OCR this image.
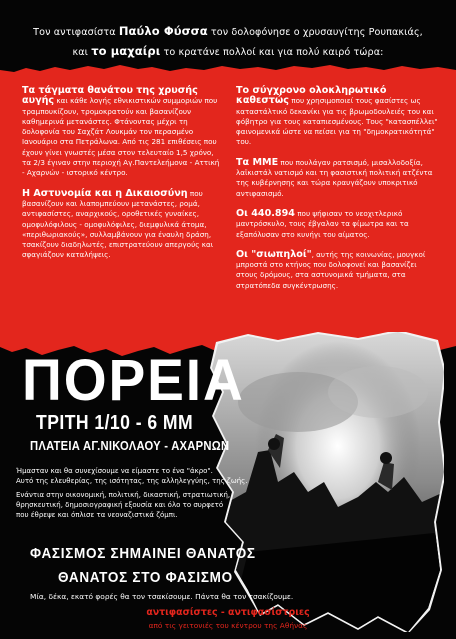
Τον αντιφασίστα Παύλο Φύσσα τον δολοφόνησε ο χρυσαυγίτης Ρουπακιάς,
και το μαχαίρι το κρατάνε πολλοί και για πολύ καιρό τώρα:

Τα τάγματα θανάτου της χρυσής αυγής και κάθε λογής εθνικιστικών συμμοριών που τραμπουκίζουν, τρομοκρατούν και βασανίζουν καθημερινά μετανάστες. Φτάνοντας μέχρι τη δολοφονία του Σαχζάτ Λουκμάν τον περασμένο Ιανουάριο στα Πετράλωνα. Από τις 281 επιθέσεις που έχουν γίνει γνωστές μέσα στον τελευταίο 1,5 χρόνο, τα 2/3 έγιναν στην περιοχή Αγ.Παντελεήμονα - Αττική - Αχαρνών - ιστορικό κέντρο.

Η Αστυνομία και η Δικαιοσύνη που βασανίζουν και λιαπομπεύουν μετανάστες, ρομά, αντιφασίστες, αναρχικούς, οροθετικές γυναίκες, ομοφυλόφιλους - ομοφυλόφιλες, διεμφυλικά άτομα, «περιθωριακούς», συλλαμβάνουν για έναυλη δράση, τσακίζουν διαδηλωτές, επιστρατεύουν απεργούς και σφαγιάζουν καταλήψεις.

Το σύγχρονο ολοκληρωτικό καθεστώς που χρησιμοποιεί τους φασίστες ως καταστάλτικό δεκανίκι για τις βρωμοδουλειές του και φόβητρο για τους καταπιεσμένους. Τους "κατασπέλλει" φαινομενικά ώστε να πείσει για τη "δημοκρατικότητά" του.

Τα ΜΜΕ που πουλάγαν ρατσισμό, μισαλλοδοξία, λαϊκιστάλ νατισμό και τη φασιστική πολιτική ατζέντα της κυβέρνησης και τώρα κραυγάζουν υποκριτικό αντιφασισμό.

Οι 440.894 που ψήφισαν το νεοχιτλερικό μαντρόσκυλο, τους έβγαλαν τα φίμωτρα και τα εξαπόλυσαν στο κυνήγι του αίματος.

Οι "σιωπηλοί", αυτής της κοινωνίας, μουγκοί μπροστά στο κτήνος που δολοφονεί και βασανίζει στους δρόμους, στα αστυνομικά τμήματα, στα στρατόπεδα συγκέντρωσης.

ΠΟΡΕΙΑ
ΤΡΙΤΗ 1/10 - 6 ΜΜ
ΠΛΑΤΕΙΑ ΑΓ.ΝΙΚΟΛΑΟΥ - ΑΧΑΡΝΩΝ
Ήμασταν και θα συνεχίσουμε να είμαστε το ένα "άκρο".
Αυτό της ελευθερίας, της ισότητας, της αλληλεγγύης, της ζωής.
Ενάντια στην οικονομική, πολιτική, δικαστική, στρατιωτική,
θρησκευτική, δημοσιογραφική εξουσία και όλο το συρφετό
που έθρεψε και όπλισε τα νεοναζιστικά ζόμπι.
ΦΑΣΙΣΜΟΣ ΣΗΜΑΙΝΕΙ ΘΑΝΑΤΟΣ
ΘΑΝΑΤΟΣ ΣΤΟ ΦΑΣΙΣΜΟ
Μία, δέκα, εκατό φορές θα τον τσακίσουμε. Πάντα θα τον τσακίζουμε.
αντιφασίστες - αντιφασίστριες
από τις γειτονιές του κέντρου της Αθήνας
